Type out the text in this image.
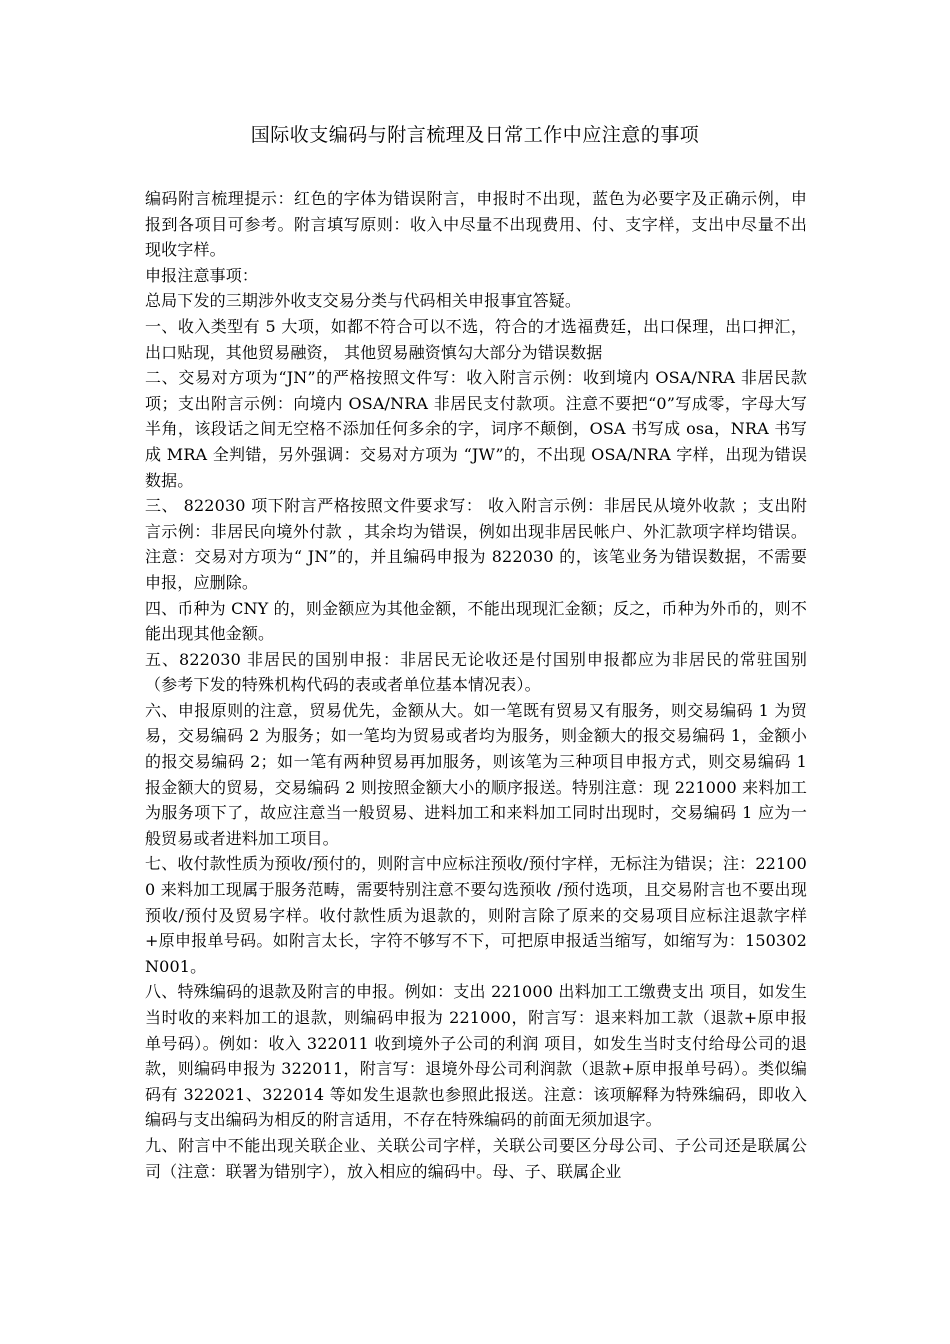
国际收支编码与附言梳理及日常工作中应注意的事项

编码附言梳理提示：红色的字体为错误附言，申报时不出现，蓝色为必要字及正确示例，申报到各项目可参考。附言填写原则：收入中尽量不出现费用、付、支字样，支出中尽量不出现收字样。

申报注意事项：

总局下发的三期涉外收支交易分类与代码相关申报事宜答疑。

一、收入类型有 5 大项，如都不符合可以不选，符合的才选福费廷，出口保理，出口押汇，出口贴现，其他贸易融资， 其他贸易融资慎勾大部分为错误数据

二、交易对方项为“JN”的严格按照文件写：收入附言示例：收到境内 OSA/NRA 非居民款项；支出附言示例：向境内 OSA/NRA 非居民支付款项。注意不要把“0”写成零，字母大写半角，该段话之间无空格不添加任何多余的字，词序不颠倒，OSA 书写成 osa，NRA 书写成 MRA 全判错，另外强调：交易对方项为 “JW”的，不出现 OSA/NRA 字样，出现为错误数据。

三、 822030 项下附言严格按照文件要求写： 收入附言示例：非居民从境外收款 ；支出附言示例：非居民向境外付款 ，其余均为错误，例如出现非居民帐户、外汇款项字样均错误。注意：交易对方项为“ JN”的，并且编码申报为 822030 的，该笔业务为错误数据，不需要申报，应删除。

四、币种为 CNY 的，则金额应为其他金额，不能出现现汇金额；反之，币种为外币的，则不能出现其他金额。

五、822030 非居民的国别申报：非居民无论收还是付国别申报都应为非居民的常驻国别（参考下发的特殊机构代码的表或者单位基本情况表）。

六、申报原则的注意，贸易优先，金额从大。如一笔既有贸易又有服务，则交易编码 1 为贸易，交易编码 2 为服务；如一笔均为贸易或者均为服务，则金额大的报交易编码 1，金额小的报交易编码 2；如一笔有两种贸易再加服务，则该笔为三种项目申报方式，则交易编码 1 报金额大的贸易，交易编码 2 则按照金额大小的顺序报送。特别注意：现 221000 来料加工为服务项下了，故应注意当一般贸易、进料加工和来料加工同时出现时，交易编码 1 应为一般贸易或者进料加工项目。

七、收付款性质为预收/预付的，则附言中应标注预收/预付字样，无标注为错误；注：221000 来料加工现属于服务范畴，需要特别注意不要勾选预收 /预付选项，且交易附言也不要出现预收/预付及贸易字样。收付款性质为退款的，则附言除了原来的交易项目应标注退款字样+原申报单号码。如附言太长，字符不够写不下，可把原申报适当缩写，如缩写为：150302N001。

八、特殊编码的退款及附言的申报。例如：支出 221000 出料加工工缴费支出 项目，如发生当时收的来料加工的退款，则编码申报为 221000，附言写：退来料加工款（退款+原申报单号码）。例如：收入 322011 收到境外子公司的利润 项目，如发生当时支付给母公司的退款，则编码申报为 322011，附言写：退境外母公司利润款（退款+原申报单号码）。类似编码有 322021、322014 等如发生退款也参照此报送。注意：该项解释为特殊编码，即收入编码与支出编码为相反的附言适用，不存在特殊编码的前面无须加退字。

九、附言中不能出现关联企业、关联公司字样，关联公司要区分母公司、子公司还是联属公司（注意：联署为错别字），放入相应的编码中。母、子、联属企业
